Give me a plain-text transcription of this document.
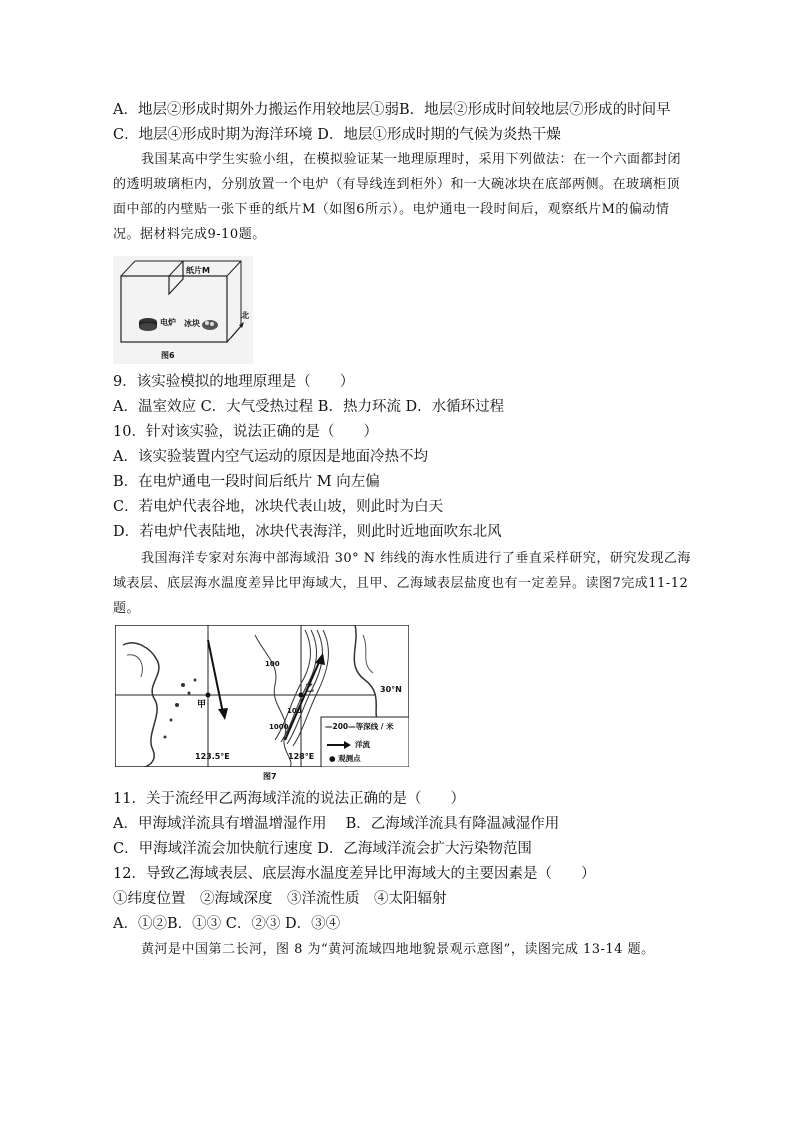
A．地层②形成时期外力搬运作用较地层①弱B．地层②形成时间较地层⑦形成的时间早
C．地层④形成时期为海洋环境 D．地层①形成时期的气候为炎热干燥
我国某高中学生实验小组，在模拟验证某一地理原理时，采用下列做法：在一个六面都封闭的透明玻璃柜内，分别放置一个电炉（有导线连到柜外）和一大碗冰块在底部两侧。在玻璃柜顶面中部的内壁贴一张下垂的纸片M（如图6所示）。电炉通电一段时间后，观察纸片M的偏动情况。据材料完成9-10题。
纸片M
电炉 冰块
北
图6
9．该实验模拟的地理原理是（　　）
A．温室效应 C．大气受热过程 B．热力环流 D．水循环过程
10．针对该实验，说法正确的是（　　）
A．该实验装置内空气运动的原因是地面冷热不均
B．在电炉通电一段时间后纸片 M 向左偏
C．若电炉代表谷地，冰块代表山坡，则此时为白天
D．若电炉代表陆地，冰块代表海洋，则此时近地面吹东北风
我国海洋专家对东海中部海域沿 30° N 纬线的海水性质进行了垂直采样研究，研究发现乙海域表层、底层海水温度差异比甲海域大，且甲、乙海域表层盐度也有一定差异。读图7完成11-12题。
30°N
123.5°E	128°E
甲
乙
100
100
1000	—200—等深线 / 米
洋流
● 观测点
图7
11．关于流经甲乙两海域洋流的说法正确的是（　　）
A．甲海域洋流具有增温增湿作用　 B．乙海域洋流具有降温减湿作用
C．甲海域洋流会加快航行速度 D．乙海域洋流会扩大污染物范围
12．导致乙海域表层、底层海水温度差异比甲海域大的主要因素是（　　）
①纬度位置　②海域深度　③洋流性质　④太阳辐射
A．①②B．①③ C．②③ D．③④
黄河是中国第二长河，图 8 为“黄河流域四地地貌景观示意图”，读图完成 13-14 题。
